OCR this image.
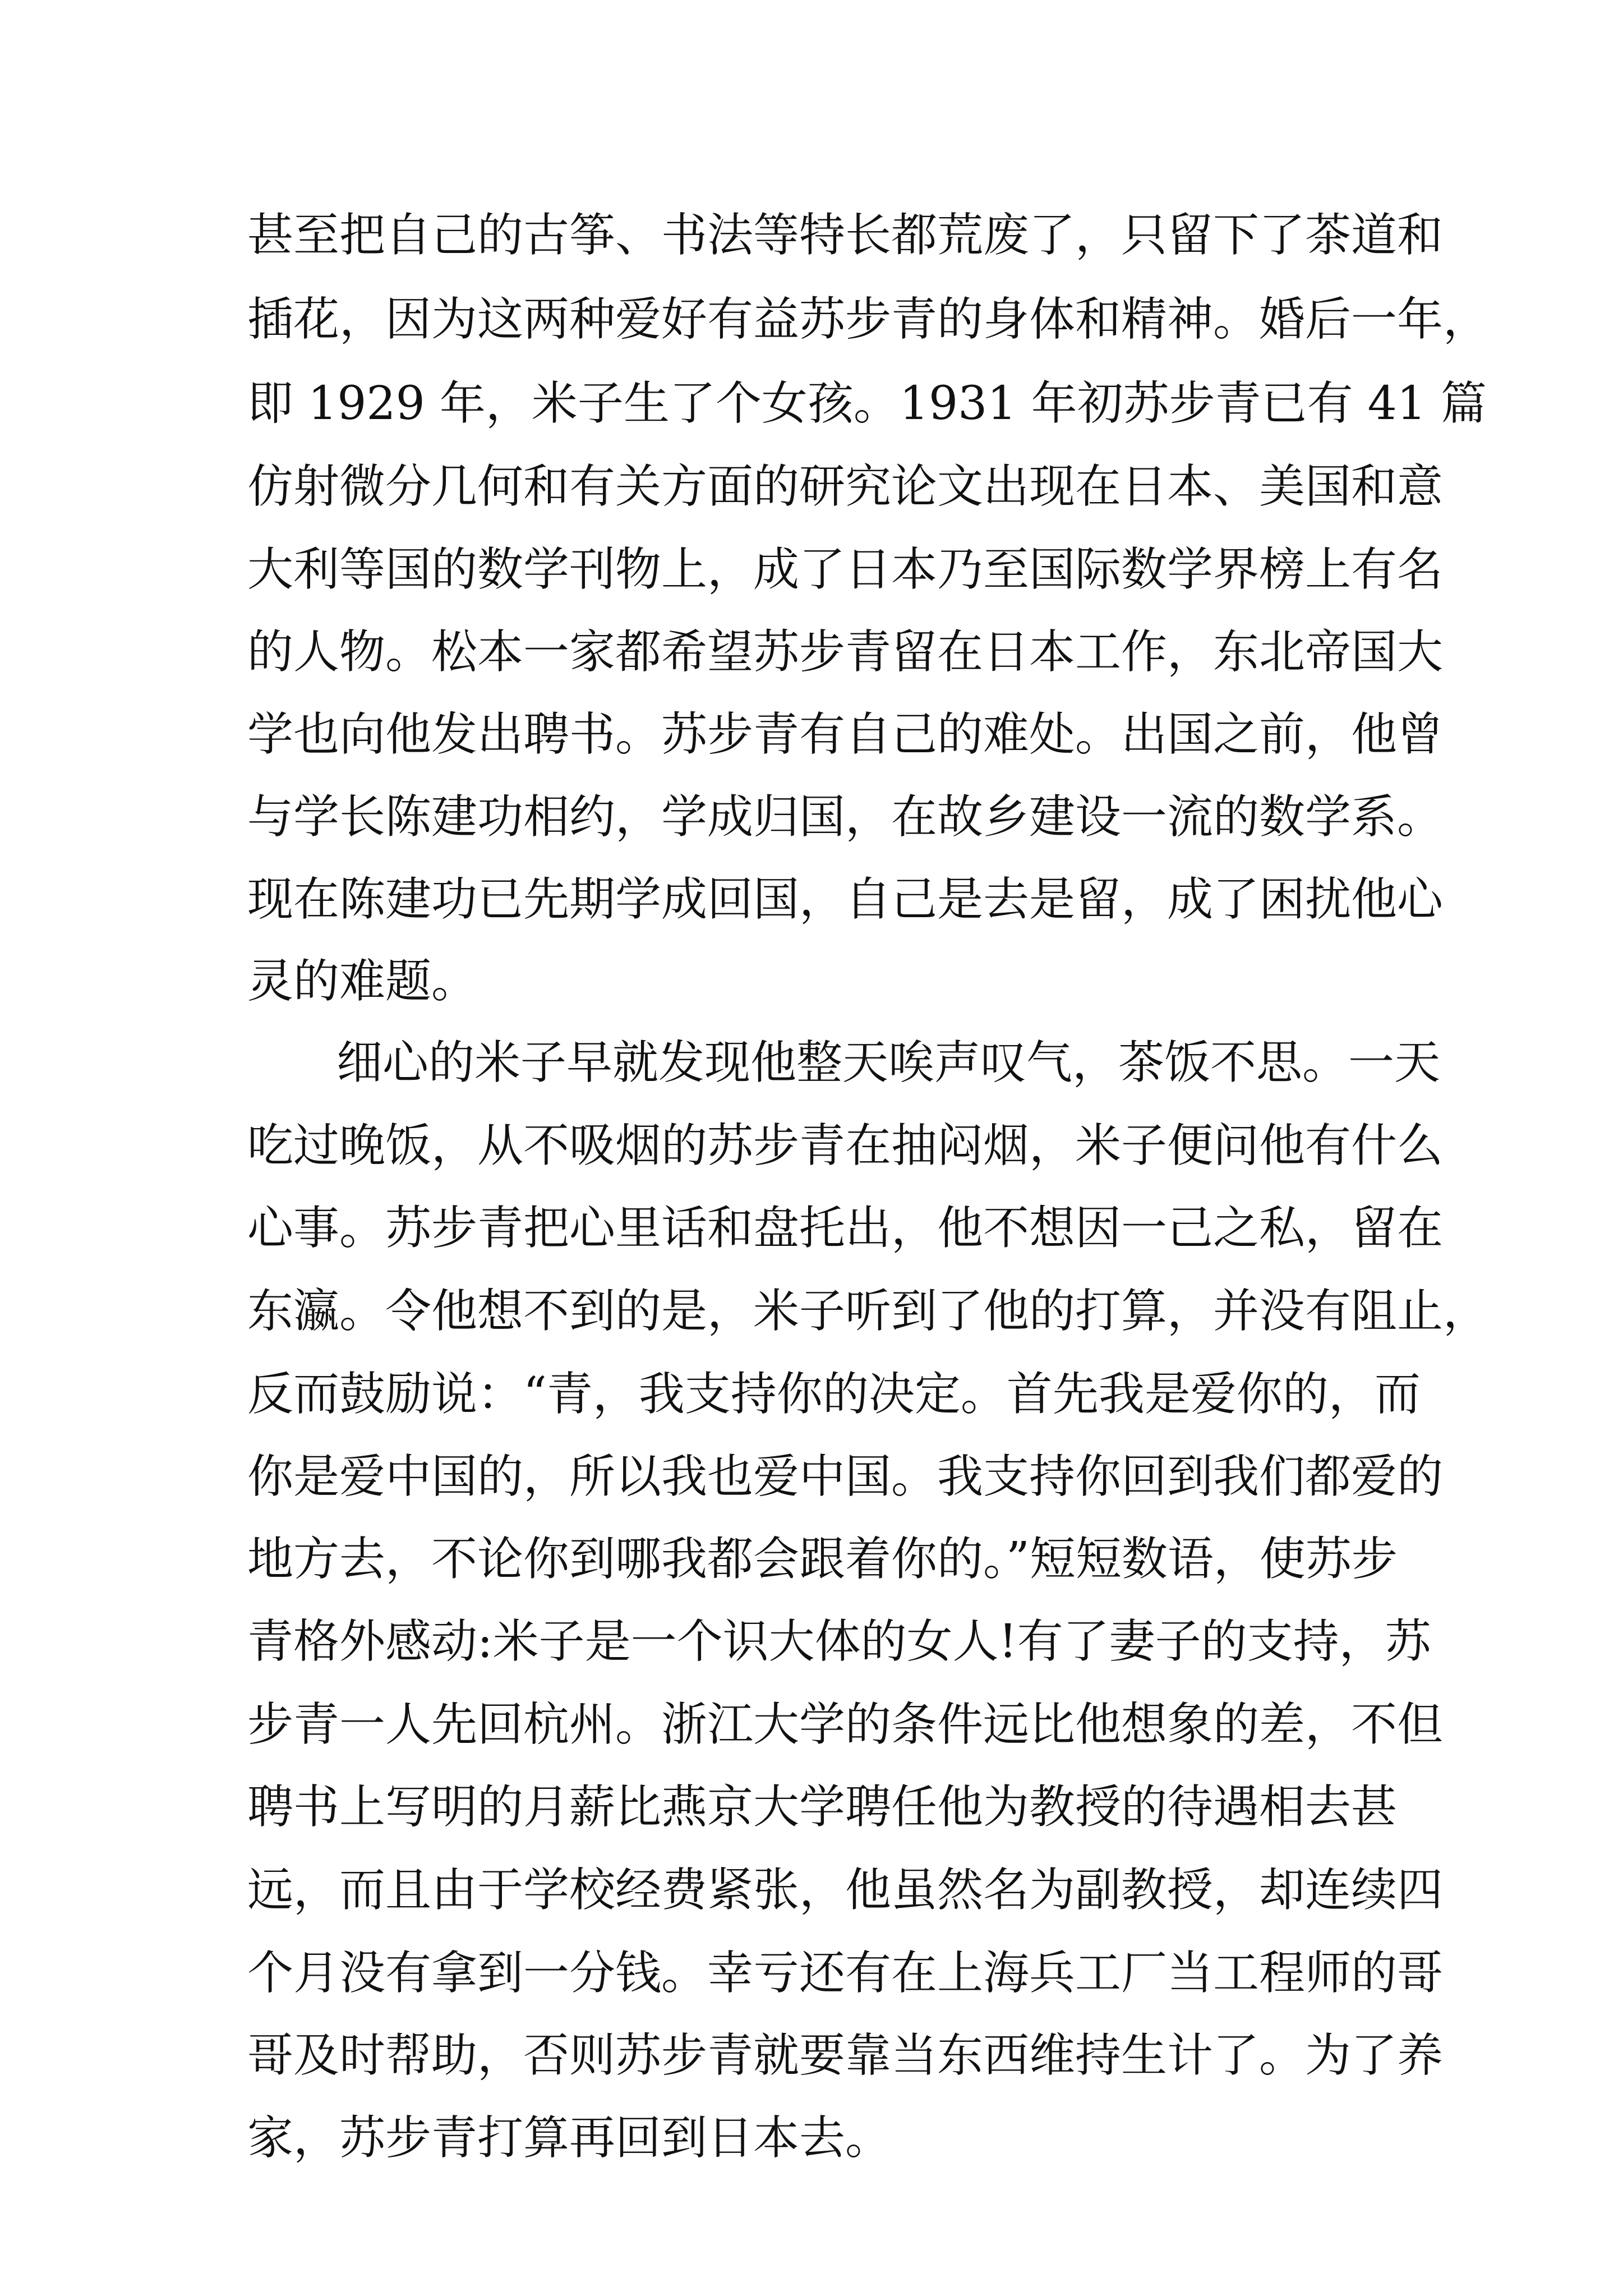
甚至把自己的古筝、书法等特长都荒废了，只留下了茶道和
插花，因为这两种爱好有益苏步青的身体和精神。婚后一年，
即 1929 年，米子生了个女孩。1931 年初苏步青已有 41 篇
仿射微分几何和有关方面的研究论文出现在日本、美国和意
大利等国的数学刊物上，成了日本乃至国际数学界榜上有名
的人物。松本一家都希望苏步青留在日本工作，东北帝国大
学也向他发出聘书。苏步青有自己的难处。出国之前，他曾
与学长陈建功相约，学成归国，在故乡建设一流的数学系。
现在陈建功已先期学成回国，自己是去是留，成了困扰他心
灵的难题。
细心的米子早就发现他整天唉声叹气，茶饭不思。一天
吃过晚饭，从不吸烟的苏步青在抽闷烟，米子便问他有什么
心事。苏步青把心里话和盘托出，他不想因一己之私，留在
东瀛。令他想不到的是，米子听到了他的打算，并没有阻止，
反而鼓励说：“青，我支持你的决定。首先我是爱你的，而
你是爱中国的，所以我也爱中国。我支持你回到我们都爱的
地方去，不论你到哪我都会跟着你的。”短短数语，使苏步
青格外感动:米子是一个识大体的女人!有了妻子的支持，苏
步青一人先回杭州。浙江大学的条件远比他想象的差，不但
聘书上写明的月薪比燕京大学聘任他为教授的待遇相去甚
远，而且由于学校经费紧张，他虽然名为副教授，却连续四
个月没有拿到一分钱。幸亏还有在上海兵工厂当工程师的哥
哥及时帮助，否则苏步青就要靠当东西维持生计了。为了养
家，苏步青打算再回到日本去。
